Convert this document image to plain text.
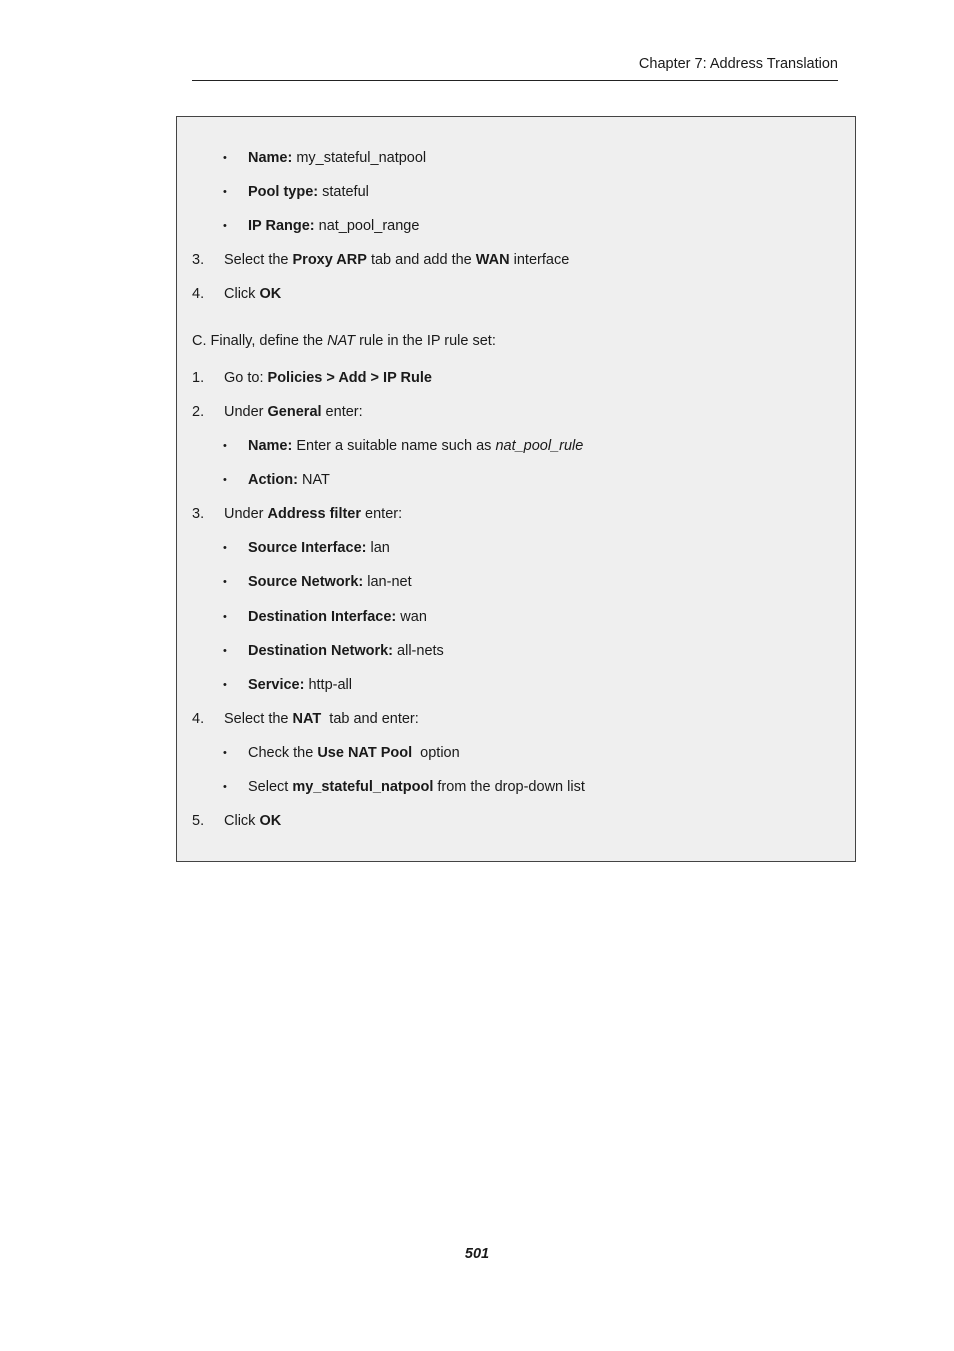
Chapter 7: Address Translation
• Name: my_stateful_natpool
• Pool type: stateful
• IP Range: nat_pool_range
3. Select the Proxy ARP tab and add the WAN interface
4. Click OK
C. Finally, define the NAT rule in the IP rule set:
1. Go to: Policies > Add > IP Rule
2. Under General enter:
• Name: Enter a suitable name such as nat_pool_rule
• Action: NAT
3. Under Address filter enter:
• Source Interface: lan
• Source Network: lan-net
• Destination Interface: wan
• Destination Network: all-nets
• Service: http-all
4. Select the NAT  tab and enter:
• Check the Use NAT Pool  option
• Select my_stateful_natpool from the drop-down list
5. Click OK
501
